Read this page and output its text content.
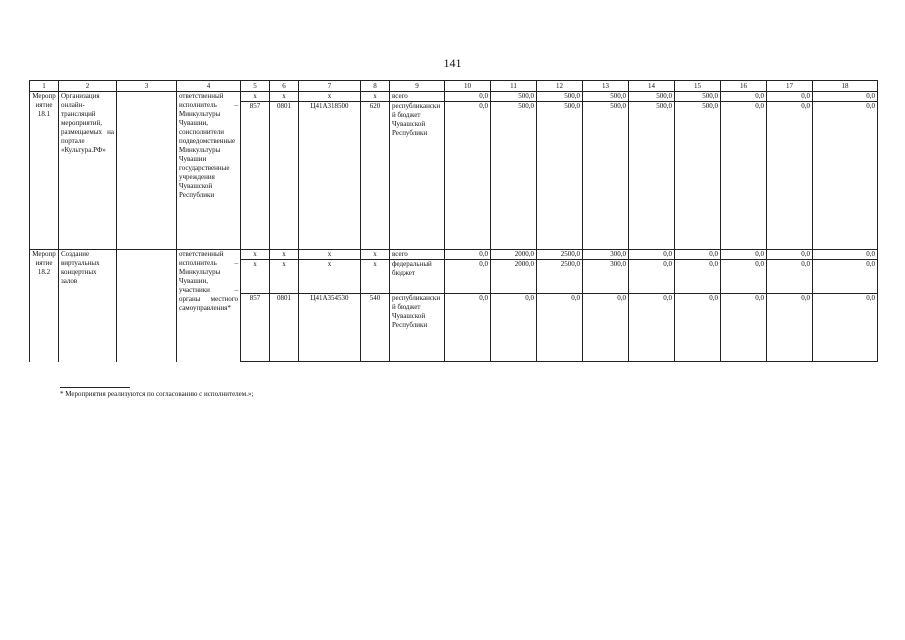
141
1	2	3	4	5	6	7	8	9	10	11	12	13	14	15	16	17	18
Мероприятие 18.1	Организация онлайн-трансляций мероприятий, размещаемых на портале «Культура.РФ»		ответственный исполнитель – Минкультуры Чувашии, соисполнители подведомственные Минкультуры Чувашии государственные учреждения Чувашской Республики	x	x	x	x	всего	0,0	500,0	500,0	500,0	500,0	500,0	0,0	0,0	0,0
				857	0801	Ц41А318500	620	республиканский бюджет Чувашской Республики	0,0	500,0	500,0	500,0	500,0	500,0	0,0	0,0	0,0
Мероприятие 18.2	Создание виртуальных концертных залов		ответственный исполнитель – Минкультуры Чувашии, участники – органы местного самоуправления*	x	x	x	x	всего	0,0	2000,0	2500,0	300,0	0,0	0,0	0,0	0,0	0,0
				x	x	x	x	федеральный бюджет	0,0	2000,0	2500,0	300,0	0,0	0,0	0,0	0,0	0,0
				857	0801	Ц41А354530	540	республиканский бюджет Чувашской Республики	0,0	0,0	0,0	0,0	0,0	0,0	0,0	0,0	0,0
* Мероприятия реализуются по согласованию с исполнителем.»;
